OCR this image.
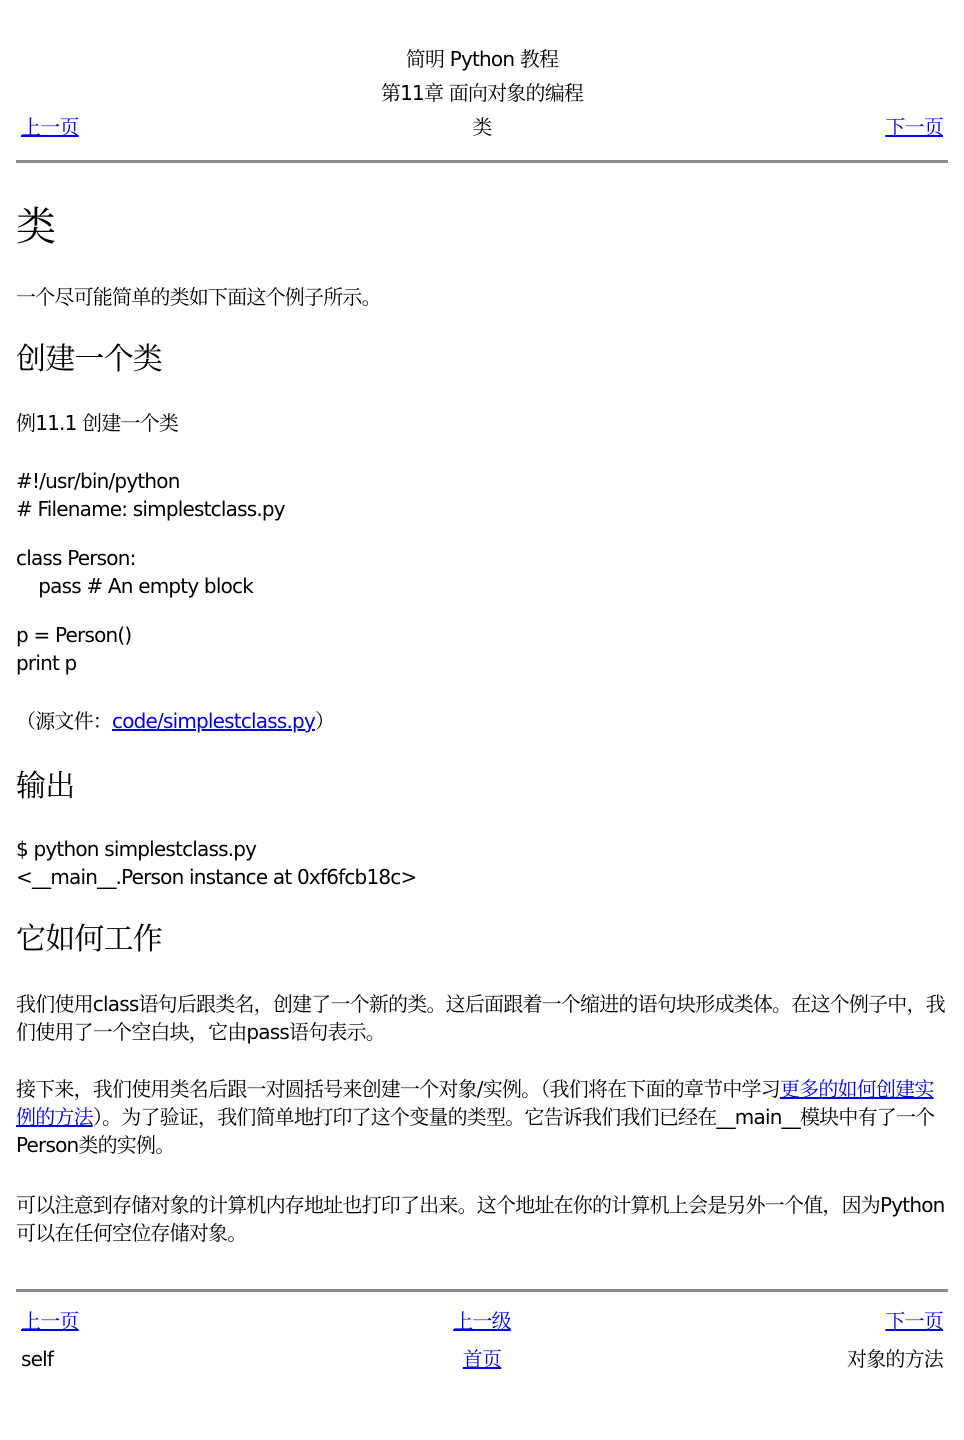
简明 Python 教程
第11章 面向对象的编程
上一页	类	下一页
类

一个尽可能简单的类如下面这个例子所示。

创建一个类

例11.1 创建一个类

#!/usr/bin/python
# Filename: simplestclass.py
class Person:
pass # An empty block
p = Person()
print p

（源文件：code/simplestclass.py）

输出
$ python simplestclass.py
<__main__.Person instance at 0xf6fcb18c>
它如何工作

我们使用class语句后跟类名，创建了一个新的类。这后面跟着一个缩进的语句块形成类体。在这个例子中，我们使用了一个空白块，它由pass语句表示。

接下来，我们使用类名后跟一对圆括号来创建一个对象/实例。（我们将在下面的章节中学习更多的如何创建实例的方法）。为了验证，我们简单地打印了这个变量的类型。它告诉我们我们已经在__main__模块中有了一个Person类的实例。

可以注意到存储对象的计算机内存地址也打印了出来。这个地址在你的计算机上会是另外一个值，因为Python可以在任何空位存储对象。

上一页	上一级	下一页
self	首页	对象的方法
